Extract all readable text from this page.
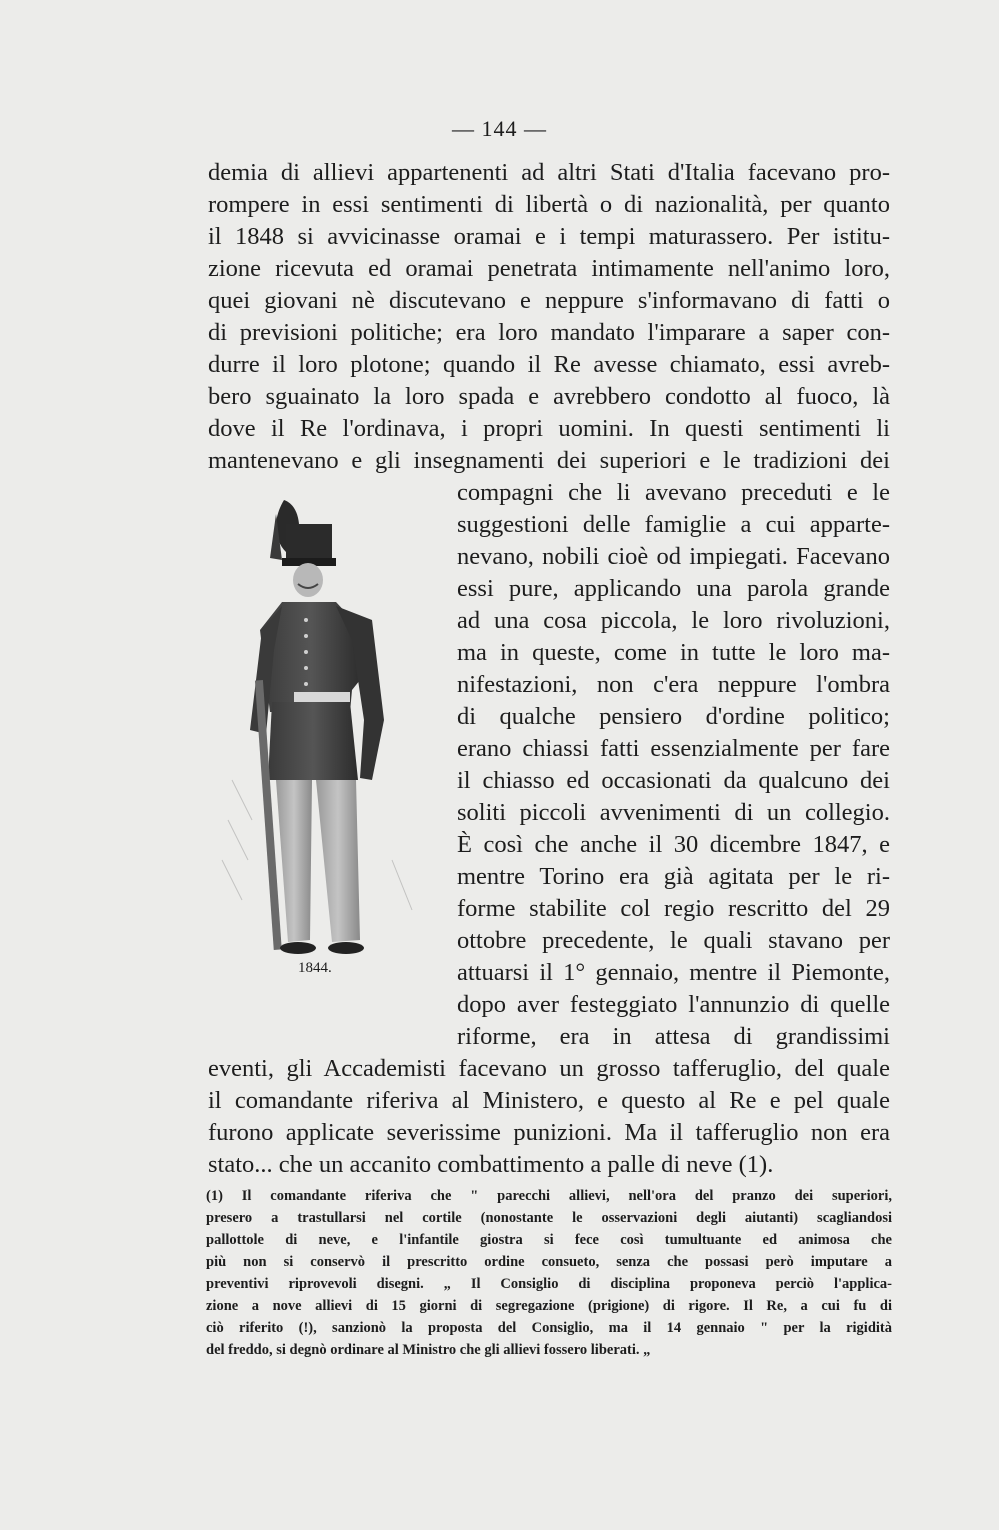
— 144 —
demia di allievi appartenenti ad altri Stati d'Italia facevano pro-
rompere in essi sentimenti di libertà o di nazionalità, per quanto
il 1848 si avvicinasse oramai e i tempi maturassero. Per istitu-
zione ricevuta ed oramai penetrata intimamente nell'animo loro,
quei giovani nè discutevano e neppure s'informavano di fatti o
di previsioni politiche; era loro mandato l'imparare a saper con-
durre il loro plotone; quando il Re avesse chiamato, essi avreb-
bero sguainato la loro spada e avrebbero condotto al fuoco, là
dove il Re l'ordinava, i propri uomini. In questi sentimenti li
mantenevano e gli insegnamenti dei superiori e le tradizioni dei
compagni che li avevano preceduti e le
suggestioni delle famiglie a cui apparte-
nevano, nobili cioè od impiegati. Facevano
essi pure, applicando una parola grande
ad una cosa piccola, le loro rivoluzioni,
ma in queste, come in tutte le loro ma-
nifestazioni, non c'era neppure l'ombra
di qualche pensiero d'ordine politico;
erano chiassi fatti essenzialmente per fare
il chiasso ed occasionati da qualcuno dei
soliti piccoli avvenimenti di un collegio.
È così che anche il 30 dicembre 1847, e
mentre Torino era già agitata per le ri-
forme stabilite col regio rescritto del 29
ottobre precedente, le quali stavano per
attuarsi il 1° gennaio, mentre il Piemonte,
dopo aver festeggiato l'annunzio di quelle
riforme, era in attesa di grandissimi
eventi, gli Accademisti facevano un grosso tafferuglio, del quale
il comandante riferiva al Ministero, e questo al Re e pel quale
furono applicate severissime punizioni. Ma il tafferuglio non era
stato... che un accanito combattimento a palle di neve (1).
1844.
(1) Il comandante riferiva che " parecchi allievi, nell'ora del pranzo dei superiori,
presero a trastullarsi nel cortile (nonostante le osservazioni degli aiutanti) scagliandosi
pallottole di neve, e l'infantile giostra si fece così tumultuante ed animosa che
più non si conservò il prescritto ordine consueto, senza che possasi però imputare a
preventivi riprovevoli disegni. „ Il Consiglio di disciplina proponeva perciò l'applica-
zione a nove allievi di 15 giorni di segregazione (prigione) di rigore. Il Re, a cui fu di
ciò riferito (!), sanzionò la proposta del Consiglio, ma il 14 gennaio " per la rigidità
del freddo, si degnò ordinare al Ministro che gli allievi fossero liberati. „
